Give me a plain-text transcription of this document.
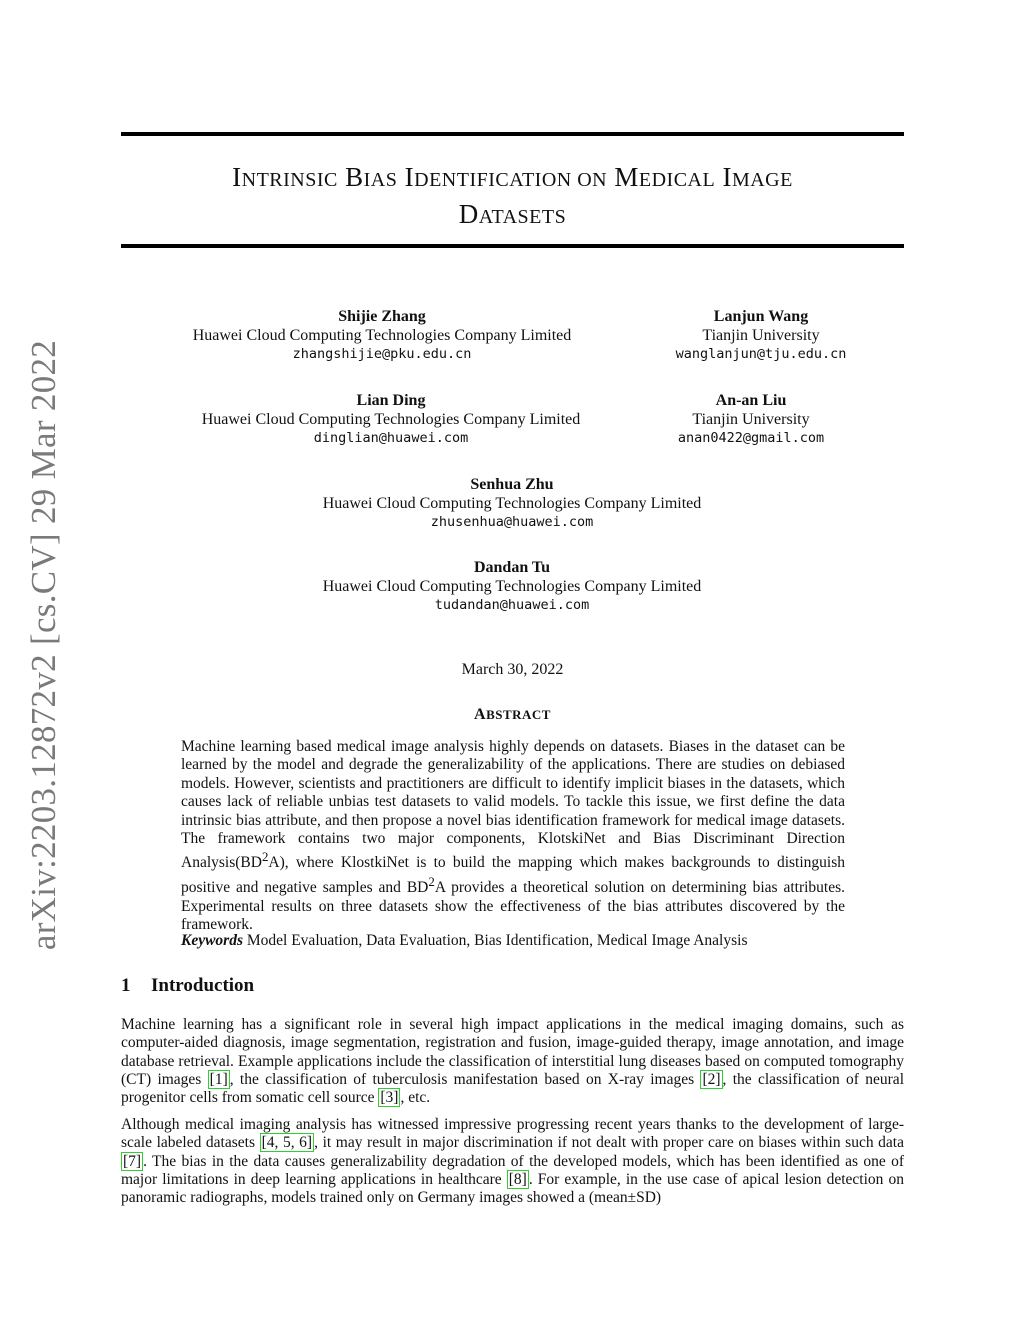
arXiv:2203.12872v2 [cs.CV] 29 Mar 2022
INTRINSIC BIAS IDENTIFICATION ON MEDICAL IMAGE
DATASETS
Shijie Zhang
Huawei Cloud Computing Technologies Company Limited
zhangshijie@pku.edu.cn
Lanjun Wang
Tianjin University
wanglanjun@tju.edu.cn
Lian Ding
Huawei Cloud Computing Technologies Company Limited
dinglian@huawei.com
An-an Liu
Tianjin University
anan0422@gmail.com
Senhua Zhu
Huawei Cloud Computing Technologies Company Limited
zhusenhua@huawei.com
Dandan Tu
Huawei Cloud Computing Technologies Company Limited
tudandan@huawei.com
March 30, 2022
ABSTRACT
Machine learning based medical image analysis highly depends on datasets. Biases in the dataset can be learned by the model and degrade the generalizability of the applications. There are studies on debiased models. However, scientists and practitioners are difficult to identify implicit biases in the datasets, which causes lack of reliable unbias test datasets to valid models. To tackle this issue, we first define the data intrinsic bias attribute, and then propose a novel bias identification framework for medical image datasets. The framework contains two major components, KlotskiNet and Bias Discriminant Direction $Analysis(BD^2A)$, where KlostkiNet is to build the mapping which makes backgrounds to distinguish positive and negative samples and $BD^2A$ provides a theoretical solution on determining bias attributes. Experimental results on three datasets show the effectiveness of the bias attributes discovered by the framework.
Keywords Model Evaluation, Data Evaluation, Bias Identification, Medical Image Analysis
1 Introduction

Machine learning has a significant role in several high impact applications in the medical imaging domains, such as computer-aided diagnosis, image segmentation, registration and fusion, image-guided therapy, image annotation, and image database retrieval. Example applications include the classification of interstitial lung diseases based on computed tomography (CT) images [1] , the classification of tuberculosis manifestation based on X-ray images [2] , the classification of neural progenitor cells from somatic cell source [3] , etc.

Although medical imaging analysis has witnessed impressive progressing recent years thanks to the development of large-scale labeled datasets [4, 5, 6] , it may result in major discrimination if not dealt with proper care on biases within such data [7] . The bias in the data causes generalizability degradation of the developed models, which has been identified as one of major limitations in deep learning applications in healthcare [8] . For example, in the use case of apical lesion detection on panoramic radiographs, models trained only on Germany images showed a (mean±SD)
